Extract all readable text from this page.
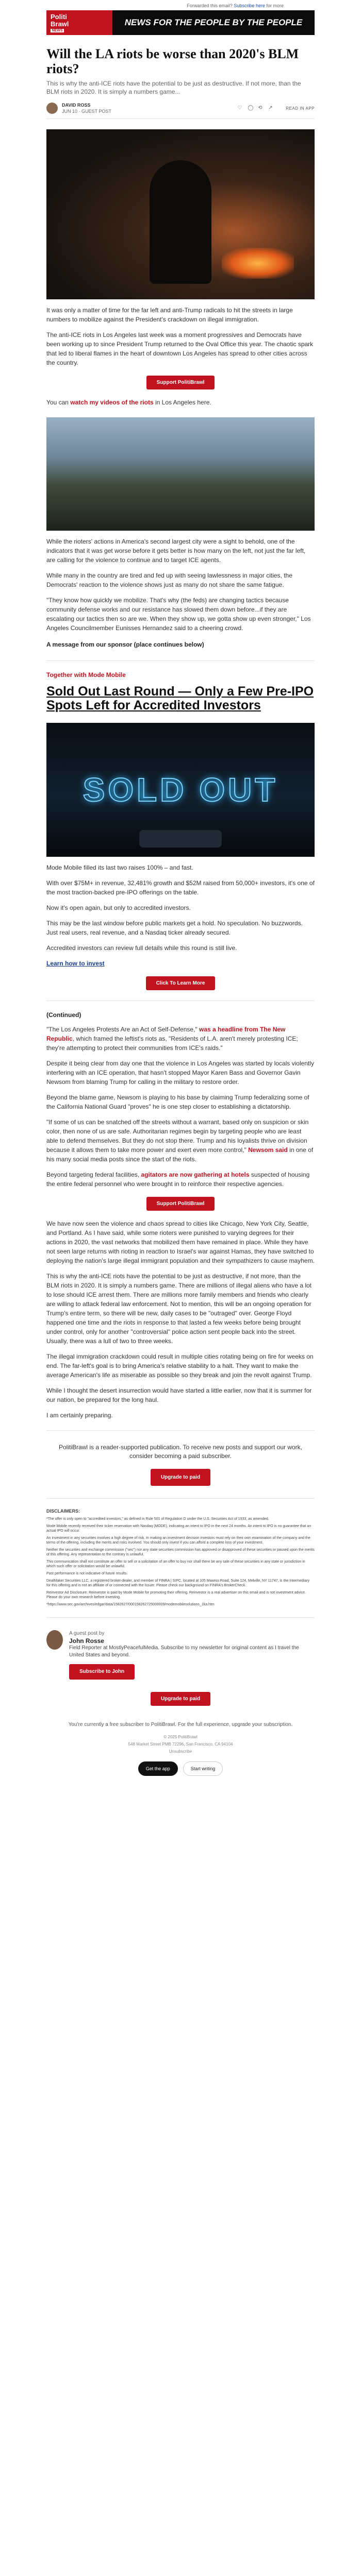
Forwarded this email? Subscribe here for more
Politi
Brawl
NEWS
NEWS FOR THE PEOPLE BY THE PEOPLE
Will the LA riots be worse than 2020's BLM riots?
This is why the anti-ICE riots have the potential to be just as destructive. If not more, than the BLM riots in 2020. It is simply a numbers game...
DAVID ROSS
JUN 10 · GUEST POST
♡ ◯ ⟲ ↗	READ IN APP

It was only a matter of time for the far left and anti-Trump radicals to hit the streets in large numbers to mobilize against the President's crackdown on illegal immigration.

The anti-ICE riots in Los Angeles last week was a moment progressives and Democrats have been working up to since President Trump returned to the Oval Office this year. The chaotic spark that led to liberal flames in the heart of downtown Los Angeles has spread to other cities across the country.

Support PolitiBrawl

You can watch my videos of the riots in Los Angeles here.

While the rioters' actions in America's second largest city were a sight to behold, one of the indicators that it was get worse before it gets better is how many on the left, not just the far left, are calling for the violence to continue and to target ICE agents.

While many in the country are tired and fed up with seeing lawlessness in major cities, the Democrats' reaction to the violence shows just as many do not share the same fatigue.

"They know how quickly we mobilize. That's why (the feds) are changing tactics because community defense works and our resistance has slowed them down before...if they are escalating our tactics then so are we. When they show up, we gotta show up even stronger," Los Angeles Councilmember Eunisses Hernandez said to a cheering crowd.

A message from our sponsor (place continues below)
Together with Mode Mobile
Sold Out Last Round — Only a Few Pre-IPO Spots Left for Accredited Investors
SOLD OUT

Mode Mobile filled its last two raises 100% – and fast.

With over $75M+ in revenue, 32,481% growth and $52M raised from 50,000+ investors, it's one of the most traction-backed pre-IPO offerings on the table.

Now it's open again, but only to accredited investors.

This may be the last window before public markets get a hold. No speculation. No buzzwords. Just real users, real revenue, and a Nasdaq ticker already secured.

Accredited investors can review full details while this round is still live.

Learn how to invest

Click To Learn More
(Continued)

"The Los Angeles Protests Are an Act of Self-Defense," was a headline from The New Republic, which framed the leftist's riots as, "Residents of L.A. aren't merely protesting ICE; they're attempting to protect their communities from ICE's raids."

Despite it being clear from day one that the violence in Los Angeles was started by locals violently interfering with an ICE operation, that hasn't stopped Mayor Karen Bass and Governor Gavin Newsom from blaming Trump for calling in the military to restore order.

Beyond the blame game, Newsom is playing to his base by claiming Trump federalizing some of the California National Guard "proves" he is one step closer to establishing a dictatorship.

"If some of us can be snatched off the streets without a warrant, based only on suspicion or skin color, then none of us are safe. Authoritarian regimes begin by targeting people who are least able to defend themselves. But they do not stop there. Trump and his loyalists thrive on division because it allows them to take more power and exert even more control," Newsom said in one of his many social media posts since the start of the riots.

Beyond targeting federal facilities, agitators are now gathering at hotels suspected of housing the entire federal personnel who were brought in to reinforce their respective agencies.

Support PolitiBrawl

We have now seen the violence and chaos spread to cities like Chicago, New York City, Seattle, and Portland. As I have said, while some rioters were punished to varying degrees for their actions in 2020, the vast networks that mobilized them have remained in place. While they have not seen large returns with rioting in reaction to Israel's war against Hamas, they have switched to deploying the nation's large illegal immigrant population and their sympathizers to cause mayhem.

This is why the anti-ICE riots have the potential to be just as destructive, if not more, than the BLM riots in 2020. It is simply a numbers game. There are millions of illegal aliens who have a lot to lose should ICE arrest them. There are millions more family members and friends who clearly are willing to attack federal law enforcement. Not to mention, this will be an ongoing operation for Trump's entire term, so there will be new, daily cases to be "outraged" over. George Floyd happened one time and the riots in response to that lasted a few weeks before being brought under control, only for another "controversial" police action sent people back into the street. Usually, there was a lull of two to three weeks.

The illegal immigration crackdown could result in multiple cities rotating being on fire for weeks on end. The far-left's goal is to bring America's relative stability to a halt. They want to make the average American's life as miserable as possible so they break and join the revolt against Trump.

While I thought the desert insurrection would have started a little earlier, now that it is summer for our nation, be prepared for the long haul.

I am certainly preparing.

PolitiBrawl is a reader-supported publication. To receive new posts and support our work, consider becoming a paid subscriber.
Upgrade to paid
DISCLAIMERS:
*The offer is only open to "accredited investors," as defined in Rule 501 of Regulation D under the U.S. Securities Act of 1933, as amended.
Mode Mobile recently received their ticker reservation with Nasdaq (MODE), indicating an intent to IPO in the next 24 months. An intent to IPO is no guarantee that an actual IPO will occur.
An investment in any securities involves a high degree of risk. In making an investment decision investors must rely on their own examination of the company and the terms of the offering, including the merits and risks involved. You should only invest if you can afford a complete loss of your investment.
Neither the securities and exchange commission ("sec") nor any state securities commission has approved or disapproved of these securities or passed upon the merits of this offering. Any representation to the contrary is unlawful.
This communication shall not constitute an offer to sell or a solicitation of an offer to buy nor shall there be any sale of these securities in any state or jurisdiction in which such offer or solicitation would be unlawful.
Past performance is not indicative of future results.
DealMaker Securities LLC, a registered broker-dealer, and member of FINRA | SIPC, located at 105 Maxess Road, Suite 124, Melville, NY 11747, is the Intermediary for this offering and is not an affiliate of or connected with the Issuer. Please check our background on FINRA's BrokerCheck.
Reinvestor Ad Disclosure: Reinvestor is paid by Mode Mobile for promoting their offering. Reinvestor is a real advertiser on this email and is not investment advice. Please do your own research before investing.
*https://www.sec.gov/archives/edgar/data/1582627/000158262725000009/modemobilesolutions_1ka.htm
A guest post by
John Rosse
Field Reporter at MostlyPeacefulMedia. Subscribe to my newsletter for original content as I travel the United States and beyond.
Subscribe to John
Upgrade to paid
You're currently a free subscriber to PolitiBrawl. For the full experience, upgrade your subscription.
© 2025 PolitiBrawl
548 Market Street PMB 72296, San Francisco, CA 94104
Unsubscribe
Get the app	Start writing
